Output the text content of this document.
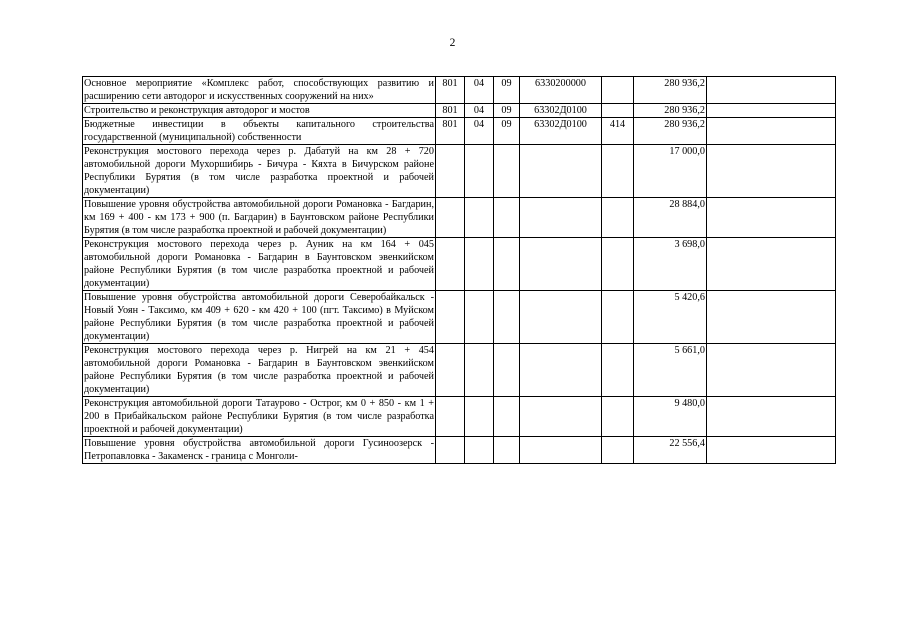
2
Основное мероприятие «Комплекс работ, способствующих развитию и расширению сети автодорог и искусственных сооружений на них»	801	04	09	6330200000		280 936,2	
Строительство и реконструкция автодорог и мостов	801	04	09	63302Д0100		280 936,2	
Бюджетные инвестиции в объекты капитального строительства государственной (муниципальной) собственности	801	04	09	63302Д0100	414	280 936,2	
Реконструкция мостового перехода через р. Дабатуй на км 28 + 720 автомобильной дороги Мухоршибирь - Бичура - Кяхта в Бичурском районе Республики Бурятия (в том числе разработка проектной и рабочей документации)						17 000,0	
Повышение уровня обустройства автомобильной дороги Романовка - Багдарин, км 169 + 400 - км 173 + 900 (п. Багдарин) в Баунтовском районе Республики Бурятия (в том числе разработка проектной и рабочей документации)						28 884,0	
Реконструкция мостового перехода через р. Ауник на км 164 + 045 автомобильной дороги Романовка - Багдарин в Баунтовском эвенкийском районе Республики Бурятия (в том числе разработка проектной и рабочей документации)						3 698,0	
Повышение уровня обустройства автомобильной дороги Северобайкальск - Новый Уоян - Таксимо, км 409 + 620 - км 420 + 100 (пгт. Таксимо) в Муйском районе Республики Бурятия (в том числе разработка проектной и рабочей документации)						5 420,6	
Реконструкция мостового перехода через р. Нигрей на км 21 + 454 автомобильной дороги Романовка - Багдарин в Баунтовском эвенкийском районе Республики Бурятия (в том числе разработка проектной и рабочей документации)						5 661,0	
Реконструкция автомобильной дороги Татаурово - Острог, км 0 + 850 - км 1 + 200 в Прибайкальском районе Республики Бурятия (в том числе разработка проектной и рабочей документации)						9 480,0	
Повышение уровня обустройства автомобильной дороги Гусиноозерск - Петропавловка - Закаменск - граница с Монголи-						22 556,4	
